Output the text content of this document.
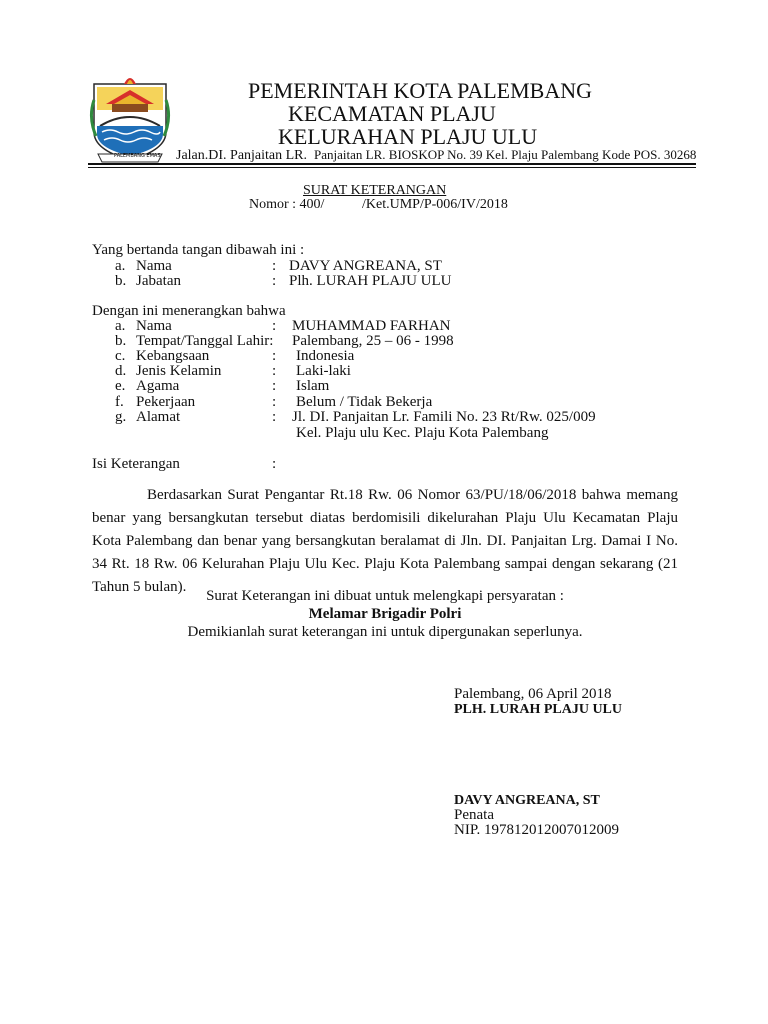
PALEMBANG EMAS
PEMERINTAH KOTA PALEMBANG
KECAMATAN PLAJU
KELURAHAN PLAJU ULU
Jalan.DI. Panjaitan LR. Panjaitan LR. BIOSKOP No. 39 Kel. Plaju Palembang Kode POS. 30268
SURAT KETERANGAN
Nomor : 400/	/Ket.UMP/P-006/IV/2018
Yang bertanda tangan dibawah ini :
a. Nama	: DAVY ANGREANA, ST
b. Jabatan	: Plh. LURAH PLAJU ULU
Dengan ini menerangkan bahwa
a. Nama	: MUHAMMAD FARHAN
b. Tempat/Tanggal Lahir: Palembang, 25 – 06 - 1998
c. Kebangsaan	: Indonesia
d. Jenis Kelamin	: Laki-laki
e. Agama	: Islam
f. Pekerjaan	: Belum / Tidak Bekerja
g. Alamat	: Jl. DI. Panjaitan Lr. Famili No. 23 Rt/Rw. 025/009
Kel. Plaju ulu Kec. Plaju Kota Palembang
Isi Keterangan	:

Berdasarkan Surat Pengantar Rt.18 Rw. 06 Nomor 63/PU/18/06/2018 bahwa memang benar yang bersangkutan tersebut diatas berdomisili dikelurahan Plaju Ulu Kecamatan Plaju Kota Palembang dan benar yang bersangkutan beralamat di Jln. DI. Panjaitan Lrg. Damai I No. 34 Rt. 18 Rw. 06 Kelurahan Plaju Ulu Kec. Plaju Kota Palembang sampai dengan sekarang (21 Tahun 5 bulan).

Surat Keterangan ini dibuat untuk melengkapi persyaratan :
Melamar Brigadir Polri
Demikianlah surat keterangan ini untuk dipergunakan seperlunya.
Palembang, 06 April 2018
PLH. LURAH PLAJU ULU
DAVY ANGREANA, ST
Penata
NIP. 197812012007012009
